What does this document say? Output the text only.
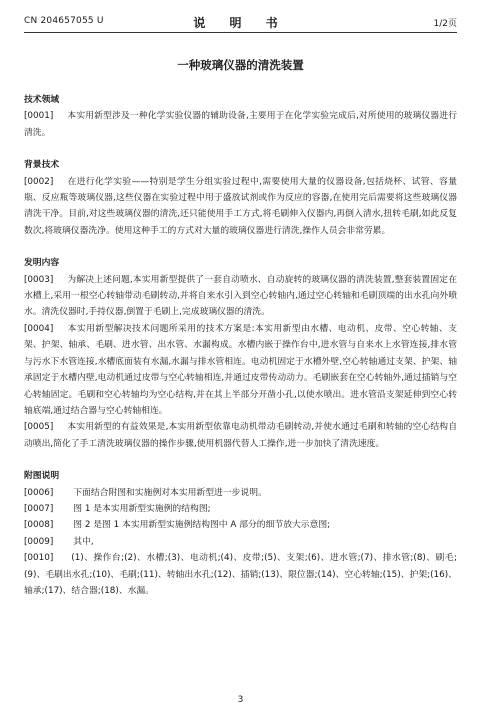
CN 204657055 U	说 明 书	1/2页
一种玻璃仪器的清洗装置

技术领域

[0001] 本实用新型涉及一种化学实验仪器的辅助设备,主要用于在化学实验完成后,对所使用的玻璃仪器进行清洗。

背景技术

[0002] 在进行化学实验——特别是学生分组实验过程中,需要使用大量的仪器设备,包括烧杯、试管、容量瓶、反应瓶等玻璃仪器,这些仪器在实验过程中用于盛放试剂或作为反应的容器,在使用完后需要将这些玻璃仪器清洗干净。目前,对这些玻璃仪器的清洗,还只能使用手工方式,将毛刷伸入仪器内,再倒入清水,扭转毛刷,如此反复数次,将玻璃仪器洗净。使用这种手工的方式对大量的玻璃仪器进行清洗,操作人员会非常劳累。

发明内容

[0003] 为解决上述问题,本实用新型提供了一套自动喷水、自动旋转的玻璃仪器的清洗装置,整套装置固定在水槽上,采用一根空心转轴带动毛刷转动,并将自来水引入到空心转轴内,通过空心转轴和毛刷顶端的出水孔向外喷水。清洗仪器时,手持仪器,倒置于毛刷上,完成玻璃仪器的清洗。

[0004] 本实用新型解决技术问题所采用的技术方案是:本实用新型由水槽、电动机、皮带、空心转轴、支架、护架、轴承、毛刷、进水管、出水管、水漏构成。水槽内嵌于操作台中,进水管与自来水上水管连接,排水管与污水下水管连接,水槽底面装有水漏,水漏与排水管相连。电动机固定于水槽外壁,空心转轴通过支架、护架、轴承固定于水槽内壁,电动机通过皮带与空心转轴相连,并通过皮带传动动力。毛刷嵌套在空心转轴外,通过插销与空心转轴固定。毛刷和空心转轴均为空心结构,并在其上半部分开凿小孔,以使水喷出。进水管沿支架延伸到空心转轴底端,通过结合器与空心转轴相连。

[0005] 本实用新型的有益效果是,本实用新型依靠电动机带动毛刷转动,并使水通过毛刷和转轴的空心结构自动喷出,简化了手工清洗玻璃仪器的操作步骤,使用机器代替人工操作,进一步加快了清洗速度。

附图说明

[0006] 下面结合附图和实施例对本实用新型进一步说明。

[0007] 图 1 是本实用新型实施例的结构图;

[0008] 图 2 是图 1 本实用新型实施例结构图中 A 部分的细节放大示意图;

[0009] 其中,

[0010] (1)、操作台;(2)、水槽;(3)、电动机;(4)、皮带;(5)、支架;(6)、进水管;(7)、排水管;(8)、刷毛;(9)、毛刷出水孔;(10)、毛刷;(11)、转轴出水孔;(12)、插销;(13)、限位器;(14)、空心转轴;(15)、护架;(16)、轴承;(17)、结合器;(18)、水漏。

3
